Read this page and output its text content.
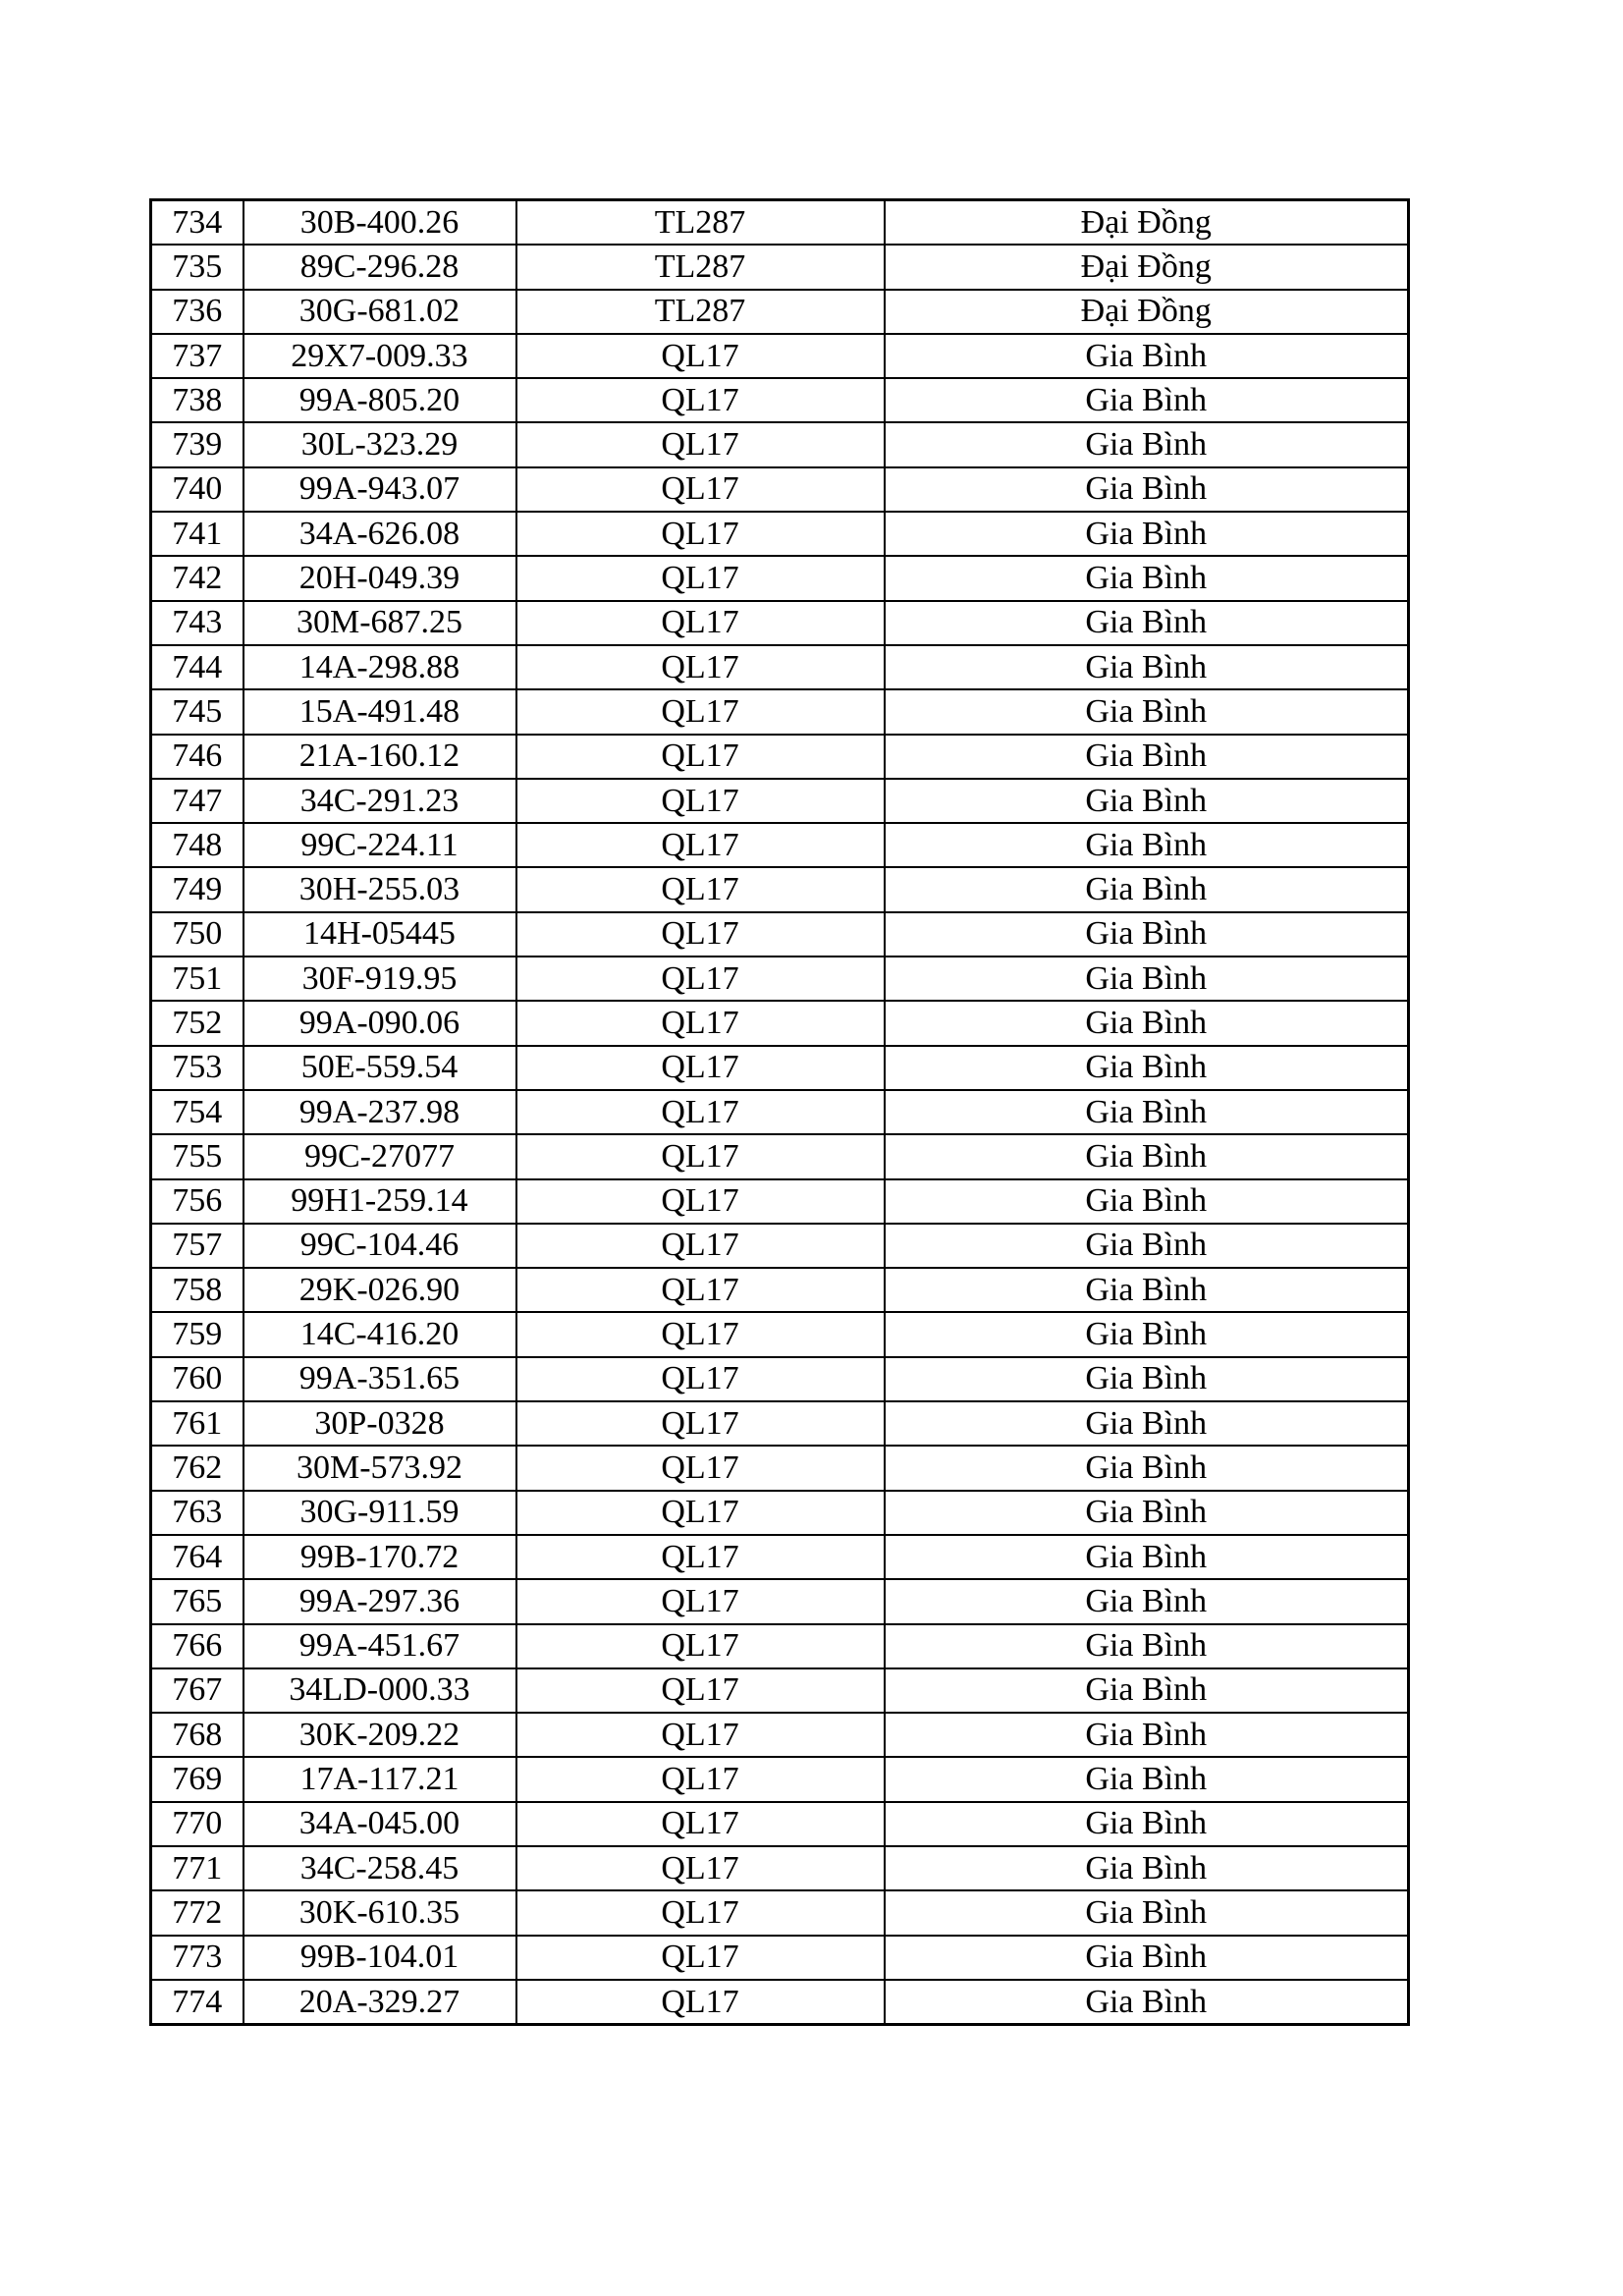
734	30B-400.26	TL287	Đại Đồng
735	89C-296.28	TL287	Đại Đồng
736	30G-681.02	TL287	Đại Đồng
737	29X7-009.33	QL17	Gia Bình
738	99A-805.20	QL17	Gia Bình
739	30L-323.29	QL17	Gia Bình
740	99A-943.07	QL17	Gia Bình
741	34A-626.08	QL17	Gia Bình
742	20H-049.39	QL17	Gia Bình
743	30M-687.25	QL17	Gia Bình
744	14A-298.88	QL17	Gia Bình
745	15A-491.48	QL17	Gia Bình
746	21A-160.12	QL17	Gia Bình
747	34C-291.23	QL17	Gia Bình
748	99C-224.11	QL17	Gia Bình
749	30H-255.03	QL17	Gia Bình
750	14H-05445	QL17	Gia Bình
751	30F-919.95	QL17	Gia Bình
752	99A-090.06	QL17	Gia Bình
753	50E-559.54	QL17	Gia Bình
754	99A-237.98	QL17	Gia Bình
755	99C-27077	QL17	Gia Bình
756	99H1-259.14	QL17	Gia Bình
757	99C-104.46	QL17	Gia Bình
758	29K-026.90	QL17	Gia Bình
759	14C-416.20	QL17	Gia Bình
760	99A-351.65	QL17	Gia Bình
761	30P-0328	QL17	Gia Bình
762	30M-573.92	QL17	Gia Bình
763	30G-911.59	QL17	Gia Bình
764	99B-170.72	QL17	Gia Bình
765	99A-297.36	QL17	Gia Bình
766	99A-451.67	QL17	Gia Bình
767	34LD-000.33	QL17	Gia Bình
768	30K-209.22	QL17	Gia Bình
769	17A-117.21	QL17	Gia Bình
770	34A-045.00	QL17	Gia Bình
771	34C-258.45	QL17	Gia Bình
772	30K-610.35	QL17	Gia Bình
773	99B-104.01	QL17	Gia Bình
774	20A-329.27	QL17	Gia Bình
